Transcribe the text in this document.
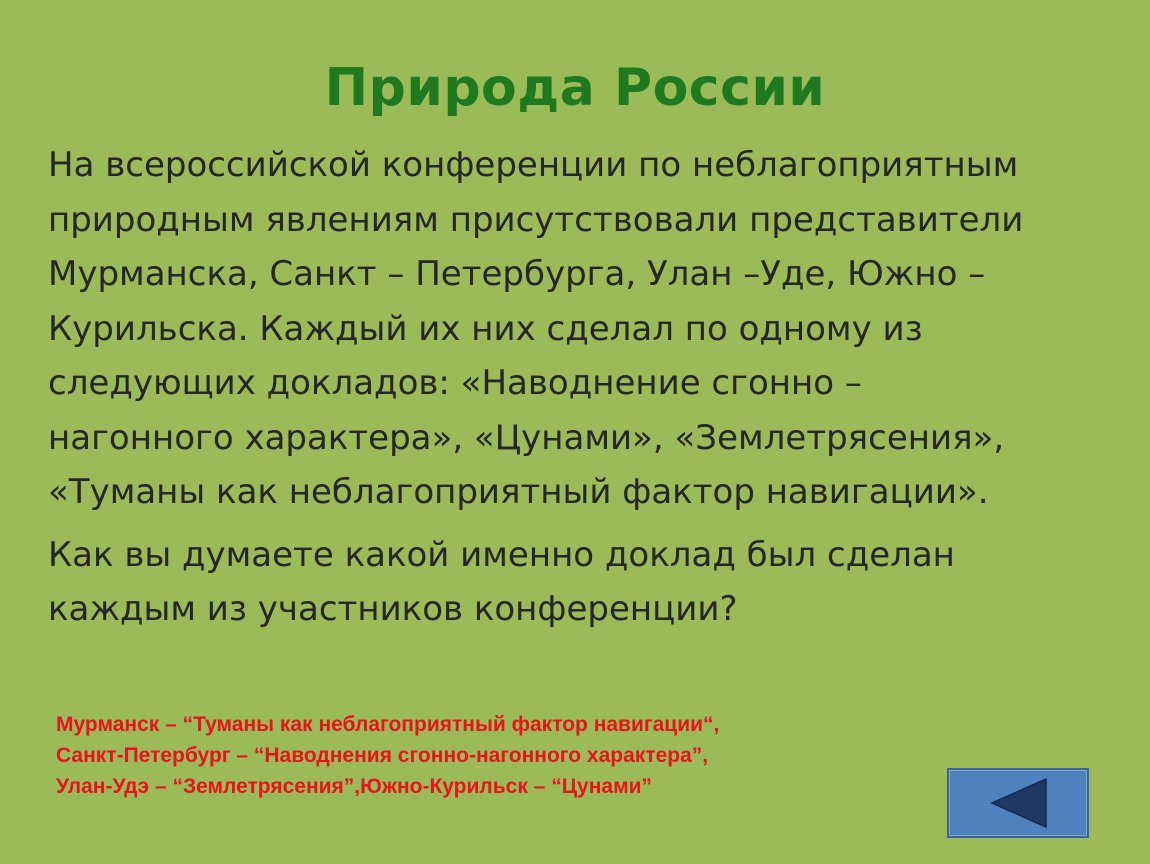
Природа России

На всероссийской конференции по неблагоприятным природным явлениям присутствовали представители Мурманска, Санкт – Петербурга, Улан –Уде, Южно – Курильска. Каждый их них сделал по одному из следующих докладов: «Наводнение сгонно – нагонного характера», «Цунами», «Землетрясения», «Туманы как неблагоприятный фактор навигации».

Как вы думаете какой именно доклад был сделан каждым из участников конференции?

Мурманск – “Туманы как неблагоприятный фактор навигации“,
Санкт-Петербург – “Наводнения сгонно-нагонного характера”,
Улан-Удэ – “Землетрясения”,Южно-Курильск – “Цунами”
